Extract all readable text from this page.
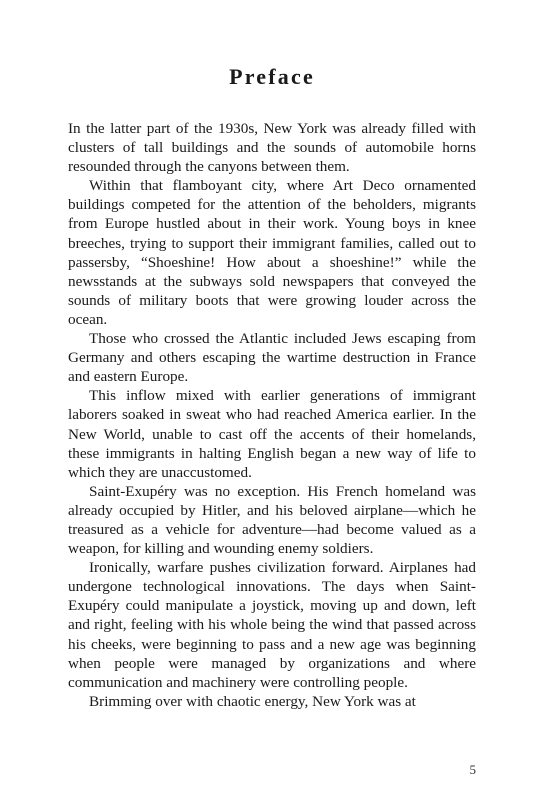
Preface

In the latter part of the 1930s, New York was already filled with clusters of tall buildings and the sounds of automobile horns resounded through the canyons between them.

Within that flamboyant city, where Art Deco ornamented buildings competed for the attention of the beholders, migrants from Europe hustled about in their work. Young boys in knee breeches, trying to support their immigrant families, called out to passersby, “Shoeshine! How about a shoeshine!” while the newsstands at the subways sold newspapers that conveyed the sounds of military boots that were growing louder across the ocean.

Those who crossed the Atlantic included Jews escaping from Germany and others escaping the wartime destruction in France and eastern Europe.

This inflow mixed with earlier generations of immigrant laborers soaked in sweat who had reached America earlier. In the New World, unable to cast off the accents of their homelands, these immigrants in halting English began a new way of life to which they are unaccustomed.

Saint-Exupéry was no exception. His French homeland was already occupied by Hitler, and his beloved airplane—which he treasured as a vehicle for adventure—had become valued as a weapon, for killing and wounding enemy soldiers.

Ironically, warfare pushes civilization forward. Airplanes had undergone technological innovations. The days when Saint-Exupéry could manipulate a joystick, moving up and down, left and right, feeling with his whole being the wind that passed across his cheeks, were beginning to pass and a new age was beginning when people were managed by organizations and where communication and machinery were controlling people.

Brimming over with chaotic energy, New York was at

5
